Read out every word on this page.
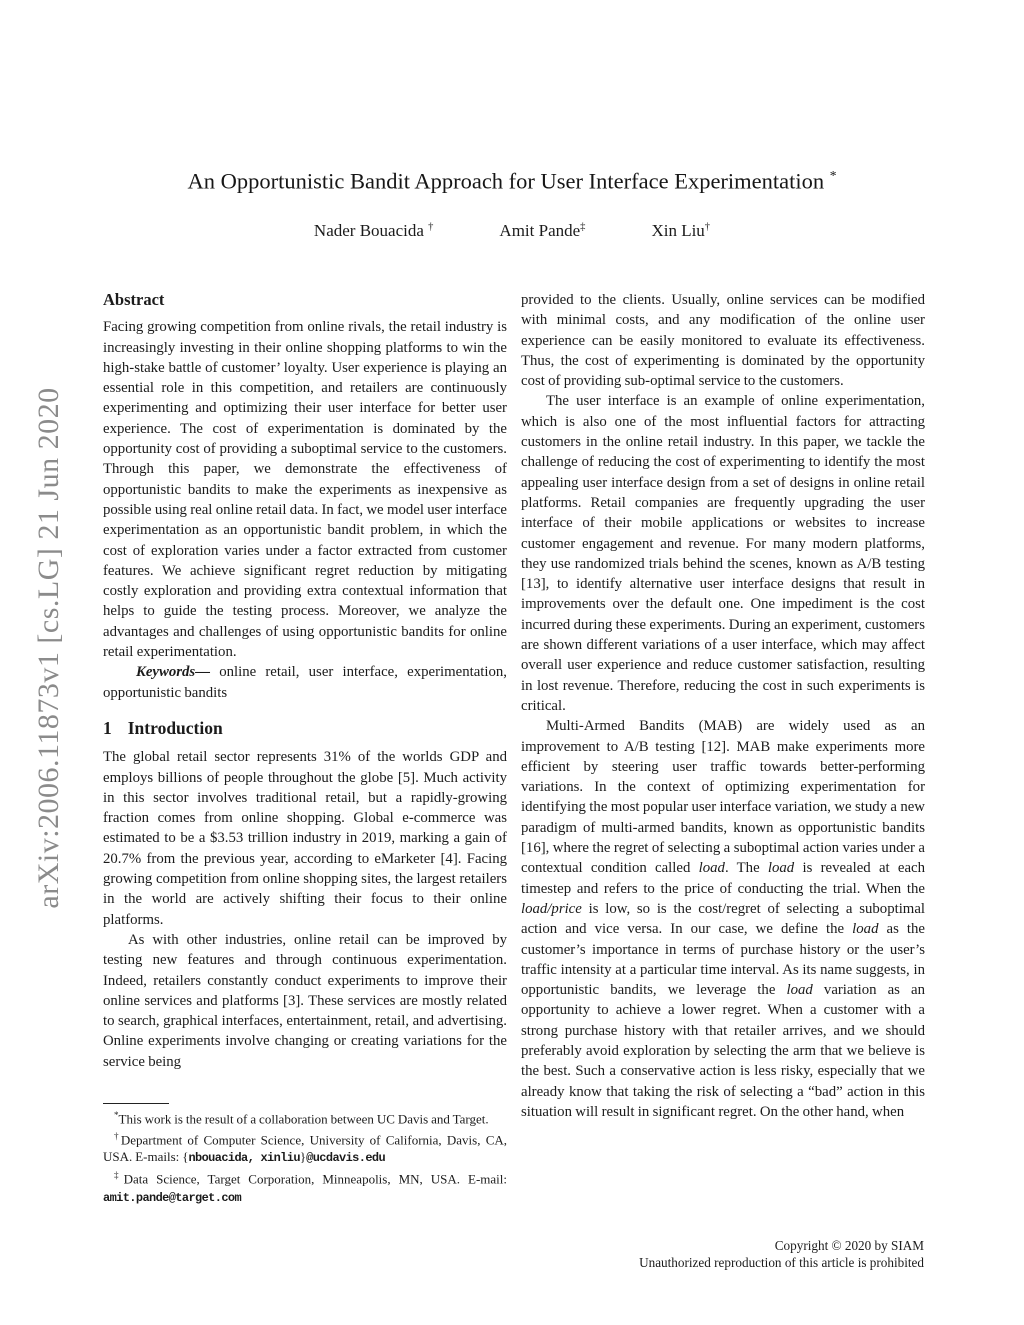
arXiv:2006.11873v1 [cs.LG] 21 Jun 2020
An Opportunistic Bandit Approach for User Interface Experimentation *
Nader Bouacida †	Amit Pande‡	Xin Liu†
Abstract

Facing growing competition from online rivals, the retail industry is increasingly investing in their online shopping platforms to win the high-stake battle of customer’ loyalty. User experience is playing an essential role in this competition, and retailers are continuously experimenting and optimizing their user interface for better user experience. The cost of experimentation is dominated by the opportunity cost of providing a suboptimal service to the customers. Through this paper, we demonstrate the effectiveness of opportunistic bandits to make the experiments as inexpensive as possible using real online retail data. In fact, we model user interface experimentation as an opportunistic bandit problem, in which the cost of exploration varies under a factor extracted from customer features. We achieve significant regret reduction by mitigating costly exploration and providing extra contextual information that helps to guide the testing process. Moreover, we analyze the advantages and challenges of using opportunistic bandits for online retail experimentation.

Keywords— online retail, user interface, experimentation, opportunistic bandits

1 Introduction

The global retail sector represents 31% of the worlds GDP and employs billions of people throughout the globe [5]. Much activity in this sector involves traditional retail, but a rapidly-growing fraction comes from online shopping. Global e-commerce was estimated to be a $3.53 trillion industry in 2019, marking a gain of 20.7% from the previous year, according to eMarketer [4]. Facing growing competition from online shopping sites, the largest retailers in the world are actively shifting their focus to their online platforms.

As with other industries, online retail can be improved by testing new features and through continuous experimentation. Indeed, retailers constantly conduct experiments to improve their online services and platforms [3]. These services are mostly related to search, graphical interfaces, entertainment, retail, and advertising. Online experiments involve changing or creating variations for the service being

provided to the clients. Usually, online services can be modified with minimal costs, and any modification of the online user experience can be easily monitored to evaluate its effectiveness. Thus, the cost of experimenting is dominated by the opportunity cost of providing sub-optimal service to the customers.

The user interface is an example of online experimentation, which is also one of the most influential factors for attracting customers in the online retail industry. In this paper, we tackle the challenge of reducing the cost of experimenting to identify the most appealing user interface design from a set of designs in online retail platforms. Retail companies are frequently upgrading the user interface of their mobile applications or websites to increase customer engagement and revenue. For many modern platforms, they use randomized trials behind the scenes, known as A/B testing [13], to identify alternative user interface designs that result in improvements over the default one. One impediment is the cost incurred during these experiments. During an experiment, customers are shown different variations of a user interface, which may affect overall user experience and reduce customer satisfaction, resulting in lost revenue. Therefore, reducing the cost in such experiments is critical.

Multi-Armed Bandits (MAB) are widely used as an improvement to A/B testing [12]. MAB make experiments more efficient by steering user traffic towards better-performing variations. In the context of optimizing experimentation for identifying the most popular user interface variation, we study a new paradigm of multi-armed bandits, known as opportunistic bandits [16], where the regret of selecting a suboptimal action varies under a contextual condition called load. The load is revealed at each timestep and refers to the price of conducting the trial. When the load/price is low, so is the cost/regret of selecting a suboptimal action and vice versa. In our case, we define the load as the customer’s importance in terms of purchase history or the user’s traffic intensity at a particular time interval. As its name suggests, in opportunistic bandits, we leverage the load variation as an opportunity to achieve a lower regret. When a customer with a strong purchase history with that retailer arrives, and we should preferably avoid exploration by selecting the arm that we believe is the best. Such a conservative action is less risky, especially that we already know that taking the risk of selecting a “bad” action in this situation will result in significant regret. On the other hand, when

*This work is the result of a collaboration between UC Davis and Target.

†Department of Computer Science, University of California, Davis, CA, USA. E-mails: {nbouacida, xinliu}@ucdavis.edu

‡Data Science, Target Corporation, Minneapolis, MN, USA. E-mail: amit.pande@target.com

Copyright © 2020 by SIAM
Unauthorized reproduction of this article is prohibited
